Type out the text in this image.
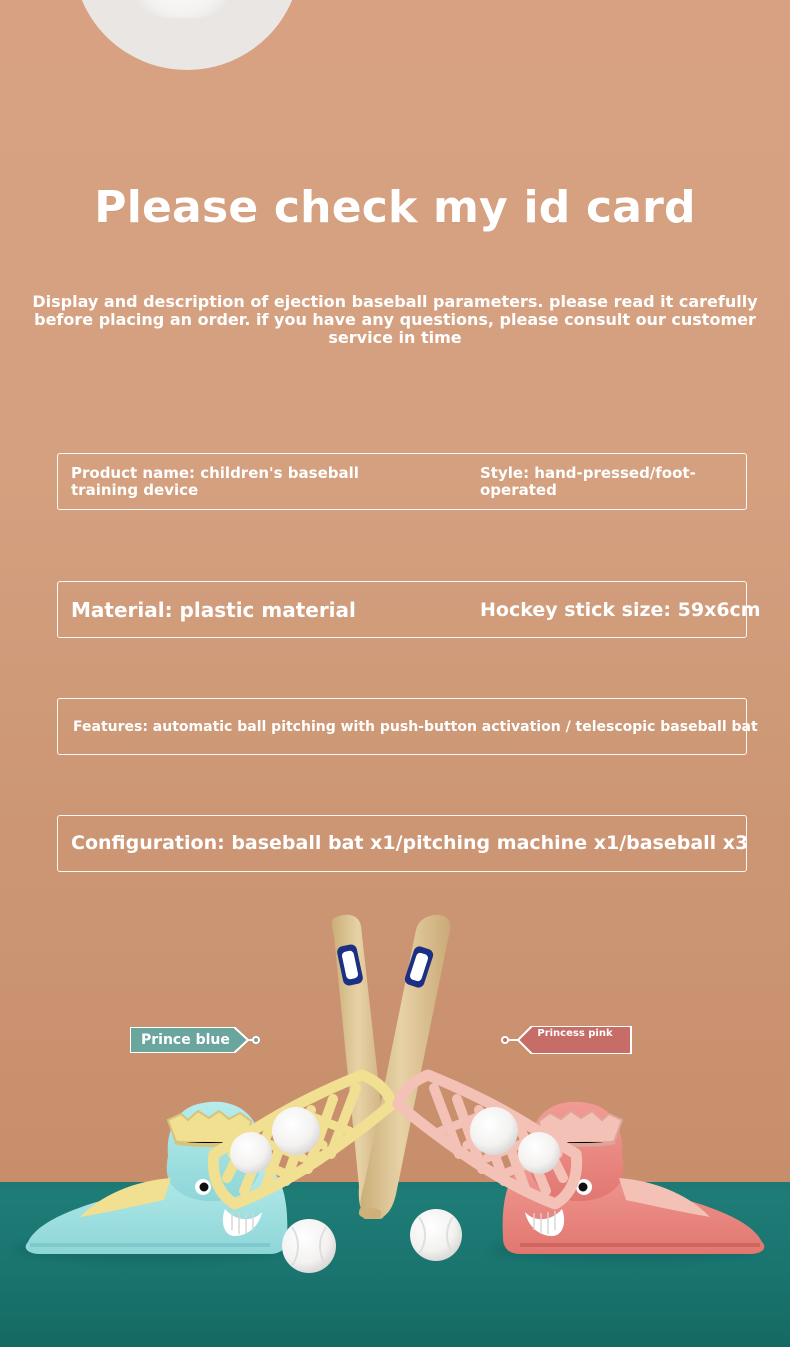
Please check my id card
Display and description of ejection baseball parameters. please read it carefully before placing an order. if you have any questions, please consult our customer service in time
Product name: children's baseball training device
Style: hand-pressed/foot-operated
Material: plastic material	Hockey stick size: 59x6cm
Features: automatic ball pitching with push-button activation / telescopic baseball bat
Configuration: baseball bat x1/pitching machine x1/baseball x3
Prince blue	Princess pink
